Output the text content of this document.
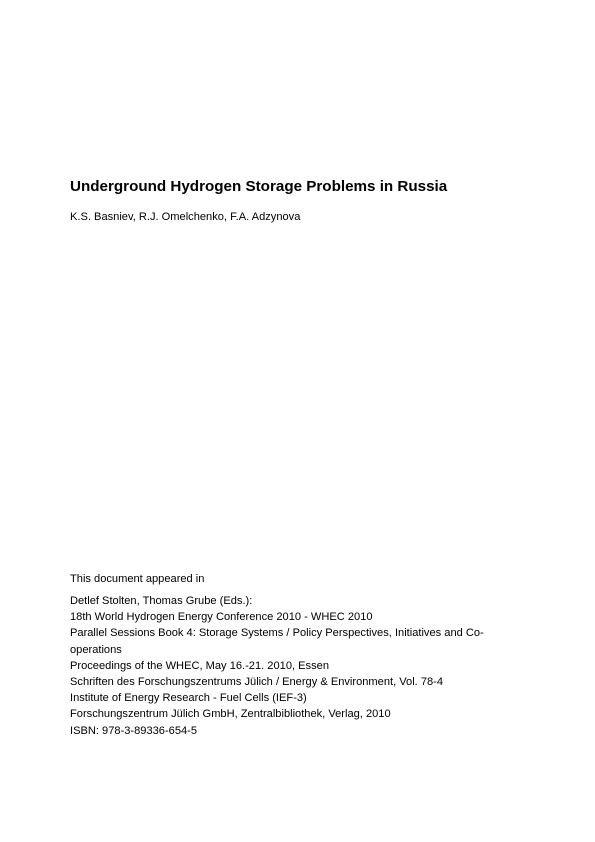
Underground Hydrogen Storage Problems in Russia
K.S. Basniev, R.J. Omelchenko, F.A. Adzynova
This document appeared in
Detlef Stolten, Thomas Grube (Eds.):
18th World Hydrogen Energy Conference 2010 - WHEC 2010
Parallel Sessions Book 4: Storage Systems / Policy Perspectives, Initiatives and Co-operations
Proceedings of the WHEC, May 16.-21. 2010, Essen
Schriften des Forschungszentrums Jülich / Energy & Environment, Vol. 78-4
Institute of Energy Research - Fuel Cells (IEF-3)
Forschungszentrum Jülich GmbH, Zentralbibliothek, Verlag, 2010
ISBN: 978-3-89336-654-5
